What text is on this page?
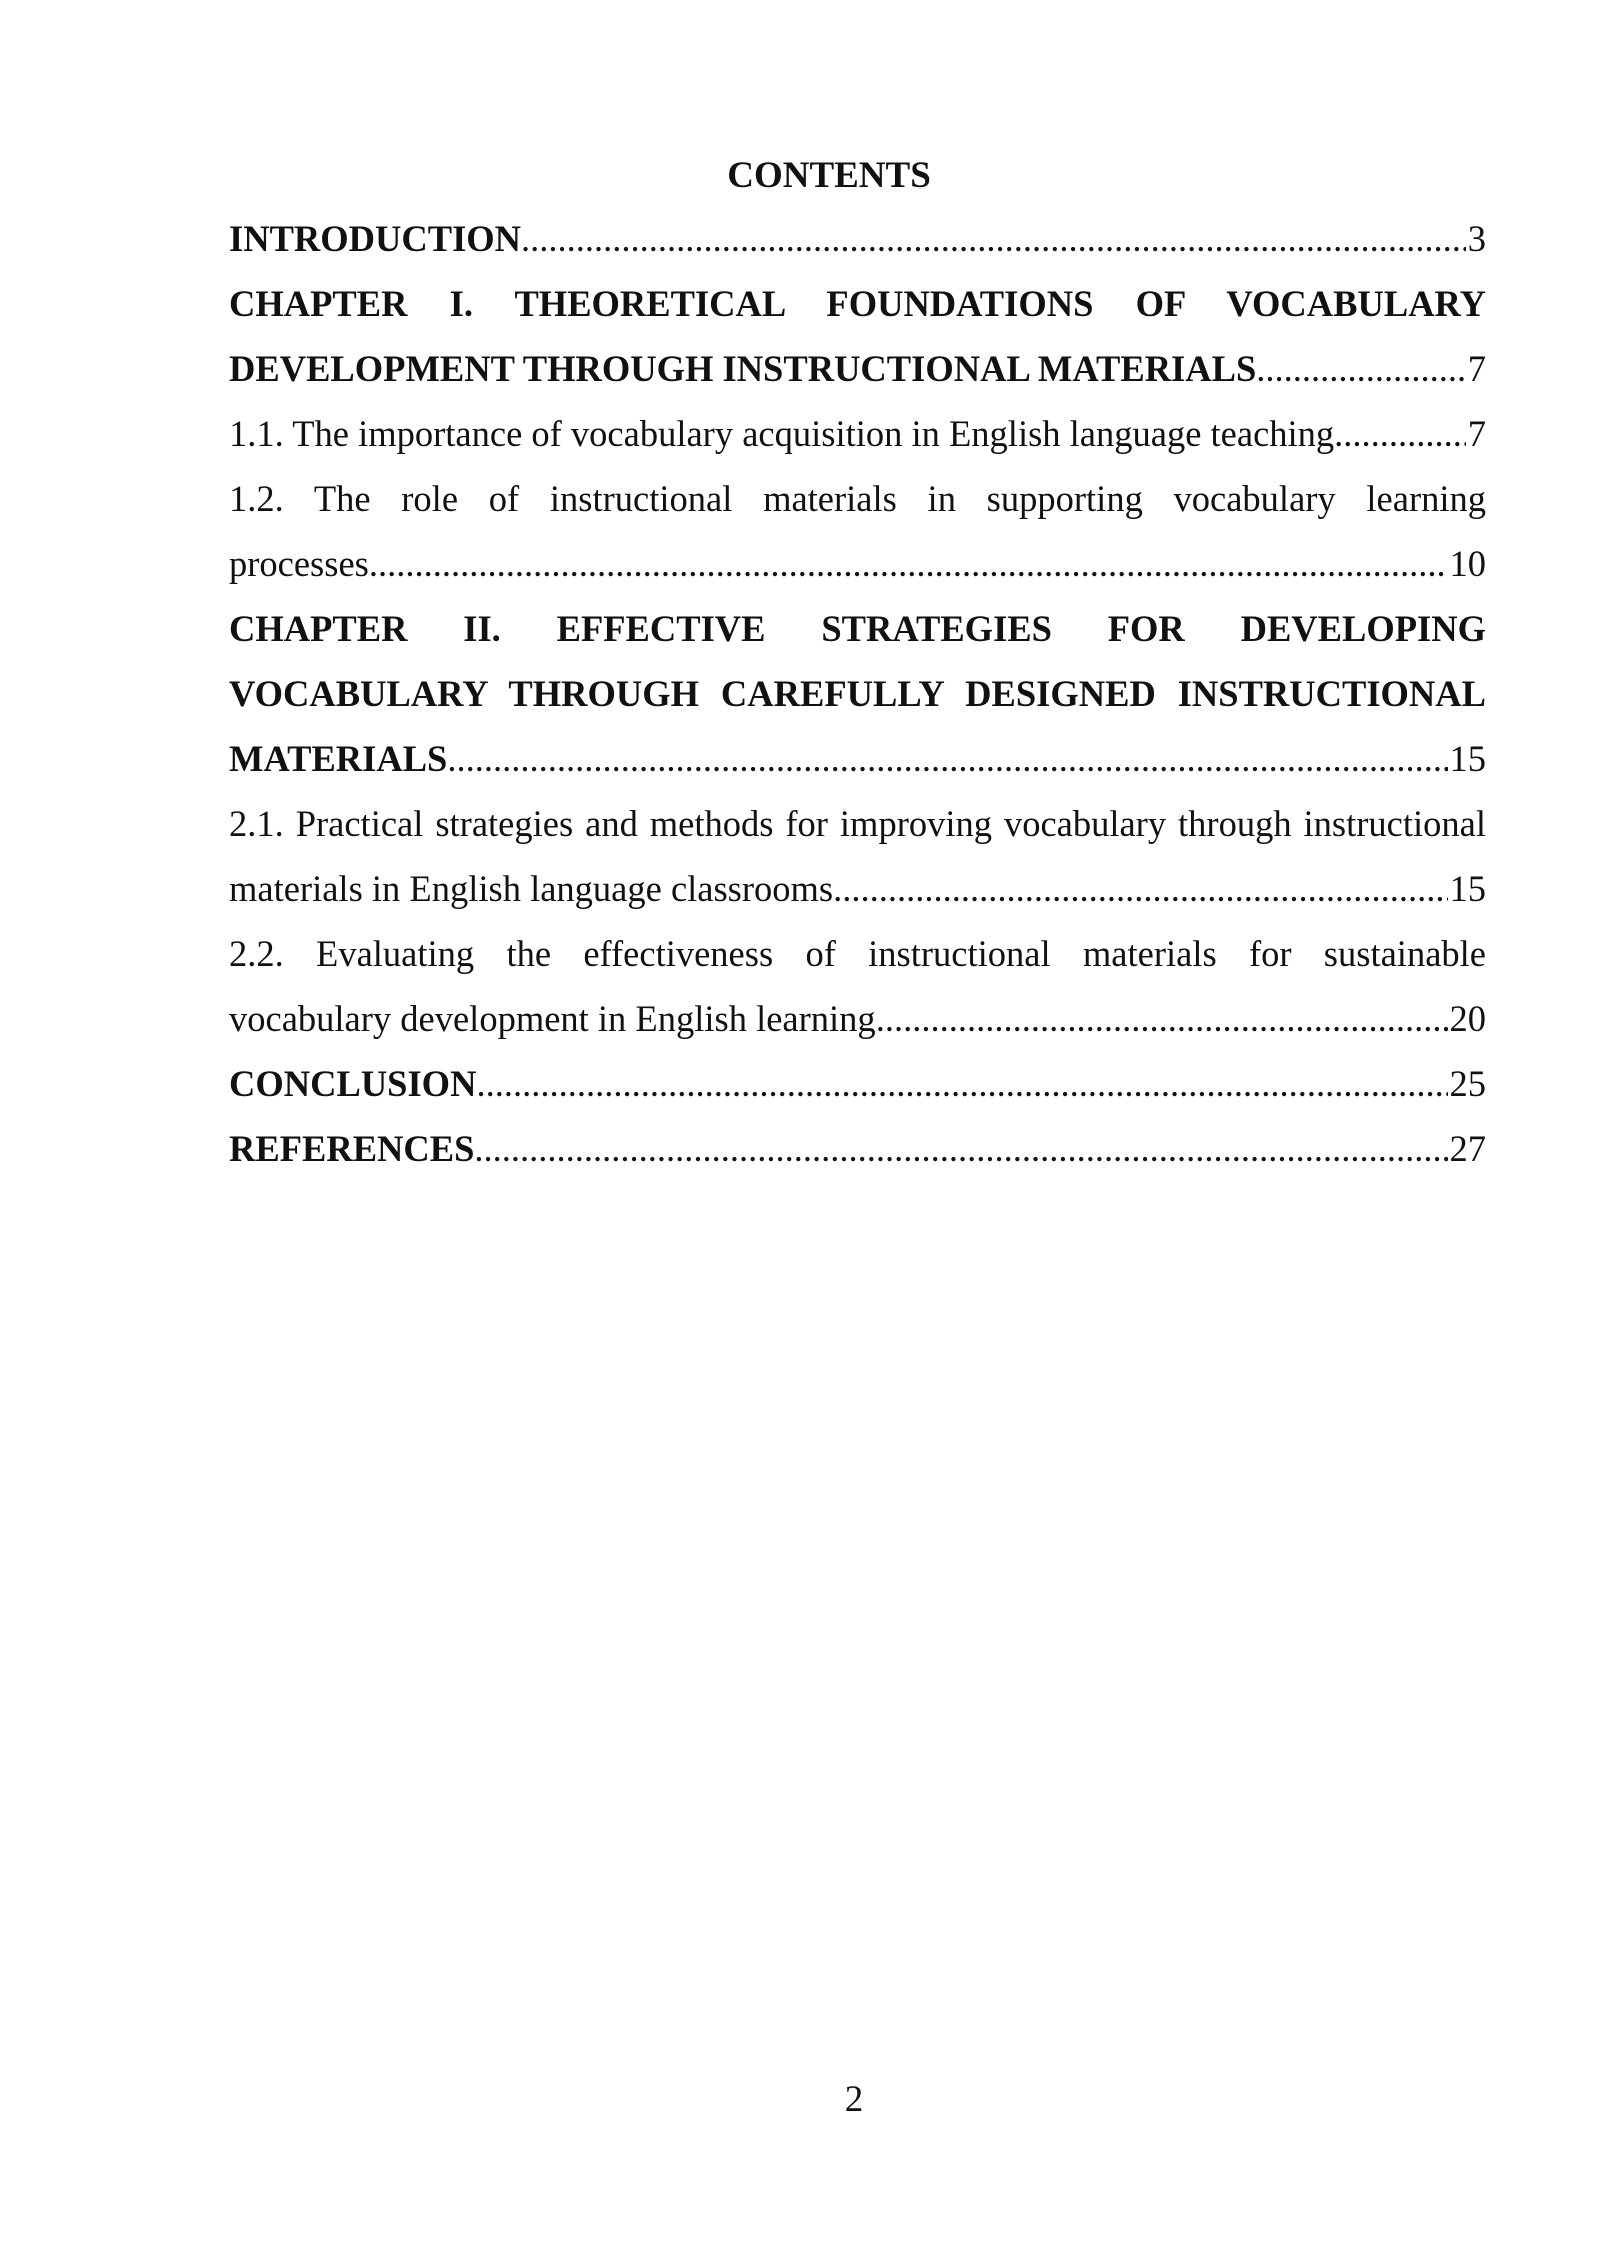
CONTENTS
INTRODUCTION .....	3
CHAPTER I. THEORETICAL FOUNDATIONS OF VOCABULARY
DEVELOPMENT THROUGH INSTRUCTIONAL MATERIALS .....	7
1.1. The importance of vocabulary acquisition in English language teaching .....	7
1.2. The role of instructional materials in supporting vocabulary learning
processes .....	10
CHAPTER II. EFFECTIVE STRATEGIES FOR DEVELOPING
VOCABULARY THROUGH CAREFULLY DESIGNED INSTRUCTIONAL
MATERIALS .....	15
2.1. Practical strategies and methods for improving vocabulary through instructional
materials in English language classrooms .....	15
2.2. Evaluating the effectiveness of instructional materials for sustainable
vocabulary development in English learning .....	20
CONCLUSION .....	25
REFERENCES .....	27
2
